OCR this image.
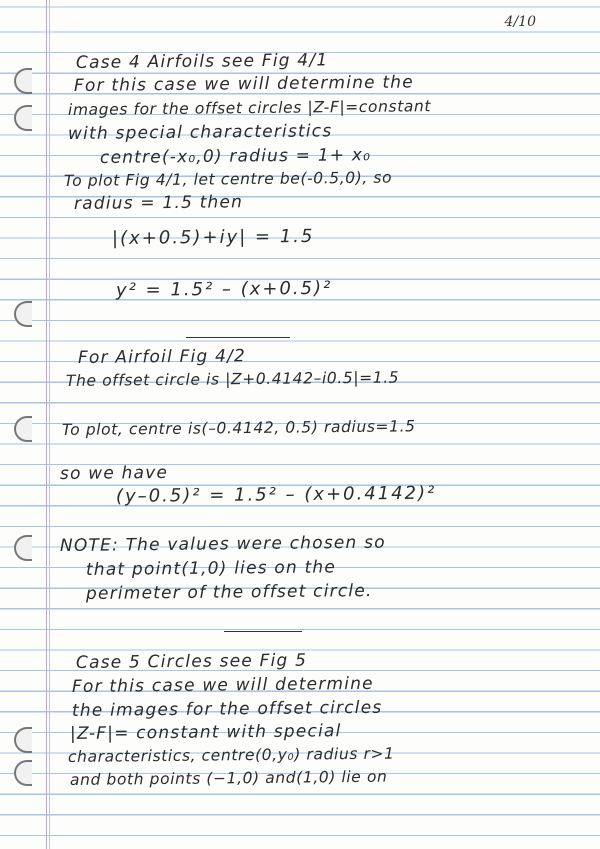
4/10
Case 4 Airfoils see Fig 4/1
For this case we will determine the
images for the offset circles |Z-F|=constant
with special characteristics
centre(-x₀,0) radius = 1+ x₀
To plot Fig 4/1, let centre be(-0.5,0), so
radius = 1.5 then
|(x+0.5)+iy| = 1.5
y² = 1.5² – (x+0.5)²
For Airfoil Fig 4/2
The offset circle is |Z+0.4142–i0.5|=1.5
To plot, centre is(–0.4142, 0.5) radius=1.5
so we have
(y–0.5)² = 1.5² – (x+0.4142)²
NOTE: The values were chosen so
that point(1,0) lies on the
perimeter of the offset circle.
Case 5 Circles see Fig 5
For this case we will determine
the images for the offset circles
|Z-F|= constant with special
characteristics, centre(0,y₀) radius r>1
and both points (−1,0) and(1,0) lie on
